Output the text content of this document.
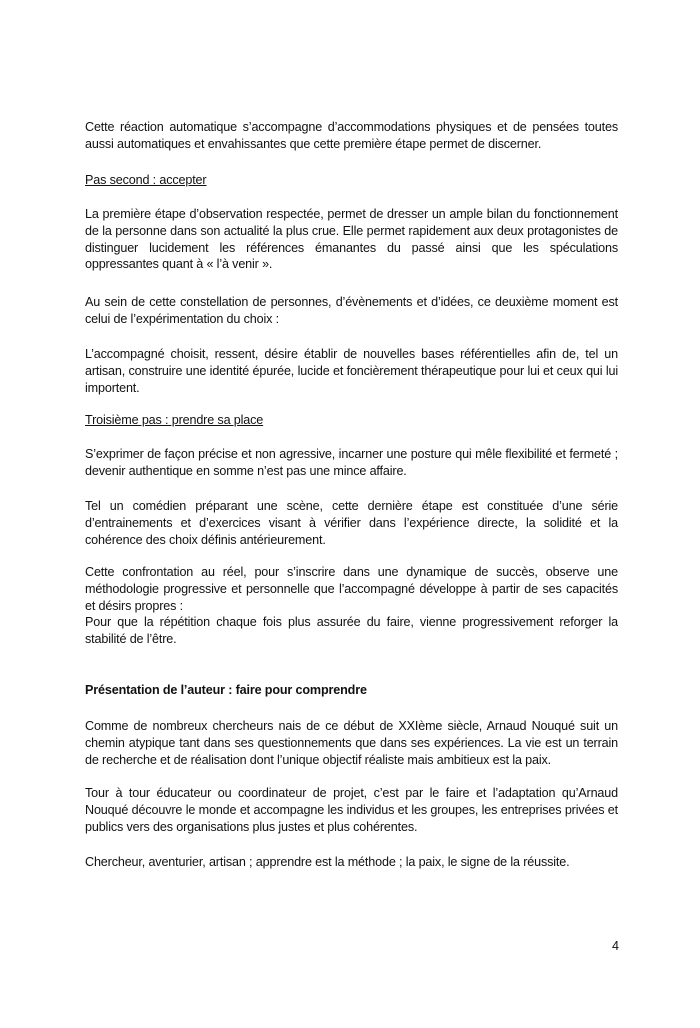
Cette réaction automatique s’accompagne d’accommodations physiques et de pensées toutes aussi automatiques et envahissantes que cette première étape permet de discerner.
Pas second : accepter
La première étape d’observation respectée, permet de dresser un ample bilan du fonctionnement de la personne dans son actualité la plus crue. Elle permet rapidement aux deux protagonistes de distinguer lucidement les références émanantes du passé ainsi que les spéculations oppressantes quant à « l’à venir ».
Au sein de cette constellation de personnes, d’évènements et d’idées, ce deuxième moment est celui de l’expérimentation du choix :
L’accompagné choisit, ressent, désire établir de nouvelles bases référentielles afin de, tel un artisan, construire une identité épurée, lucide et foncièrement thérapeutique pour lui et ceux qui lui importent.
Troisième pas : prendre sa place
S’exprimer de façon précise et non agressive, incarner une posture qui mêle flexibilité et fermeté ; devenir authentique en somme n’est pas une mince affaire.
Tel un comédien préparant une scène, cette dernière étape est constituée d’une série d’entrainements et d’exercices visant à vérifier dans l’expérience directe, la solidité et la cohérence des choix définis antérieurement.
Cette confrontation au réel, pour s’inscrire dans une dynamique de succès, observe une méthodologie progressive et personnelle que l’accompagné développe à partir de ses capacités et désirs propres :
Pour que la répétition chaque fois plus assurée du faire, vienne progressivement reforger la stabilité de l’être.
Présentation de l’auteur : faire pour comprendre
Comme de nombreux chercheurs nais de ce début de XXIème siècle, Arnaud Nouqué suit un chemin atypique tant dans ses questionnements que dans ses expériences. La vie est un terrain de recherche et de réalisation dont l’unique objectif réaliste mais ambitieux est la paix.
Tour à tour éducateur ou coordinateur de projet, c’est par le faire et l’adaptation qu’Arnaud Nouqué découvre le monde et accompagne les individus et les groupes, les entreprises privées et publics vers des organisations plus justes et plus cohérentes.
Chercheur, aventurier, artisan ; apprendre est la méthode ; la paix, le signe de la réussite.
4
